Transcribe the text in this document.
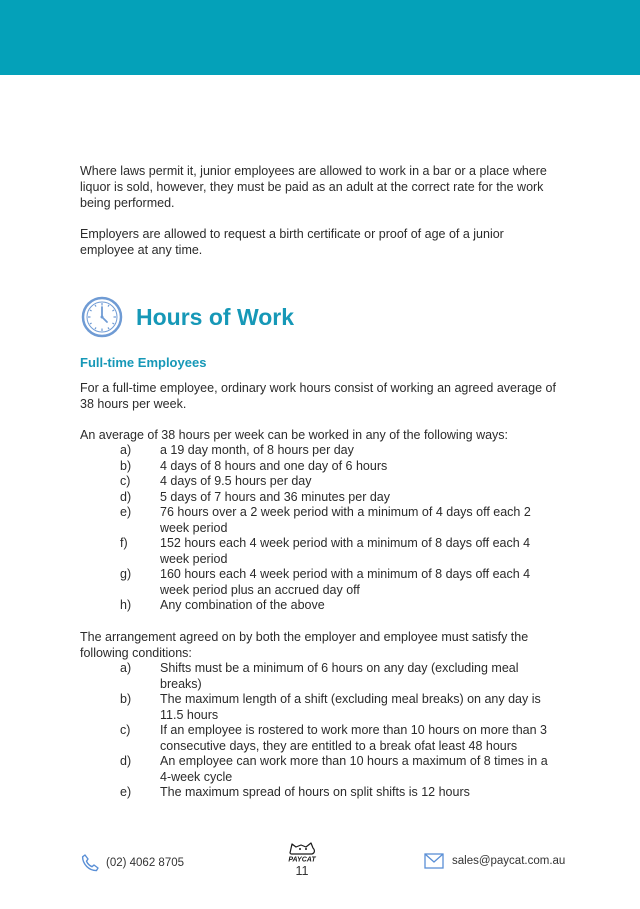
Where laws permit it, junior employees are allowed to work in a bar or a place where liquor is sold, however, they must be paid as an adult at the correct rate for the work being performed.

Employers are allowed to request a birth certificate or proof of age of a junior employee at any time.

Hours of Work
Full-time Employees

For a full-time employee, ordinary work hours consist of working an agreed average of 38 hours per week.

An average of 38 hours per week can be worked in any of the following ways:

a)	a 19 day month, of 8 hours per day
b)	4 days of 8 hours and one day of 6 hours
c)	4 days of 9.5 hours per day
d)	5 days of 7 hours and 36 minutes per day
e)	76 hours over a 2 week period with a minimum of 4 days off each 2 week period
f)	152 hours each 4 week period with a minimum of 8 days off each 4 week period
g)	160 hours each 4 week period with a minimum of 8 days off each 4 week period plus an accrued day off
h)	Any combination of the above

The arrangement agreed on by both the employer and employee must satisfy the following conditions:

a)	Shifts must be a minimum of 6 hours on any day (excluding meal breaks)
b)	The maximum length of a shift (excluding meal breaks) on any day is 11.5 hours
c)	If an employee is rostered to work more than 10 hours on more than 3 consecutive days, they are entitled to a break ofat least 48 hours
d)	An employee can work more than 10 hours a maximum of 8 times in a 4-week cycle
e)	The maximum spread of hours on split shifts is 12 hours
(02) 4062 8705	PAYCAT
11
sales@paycat.com.au
